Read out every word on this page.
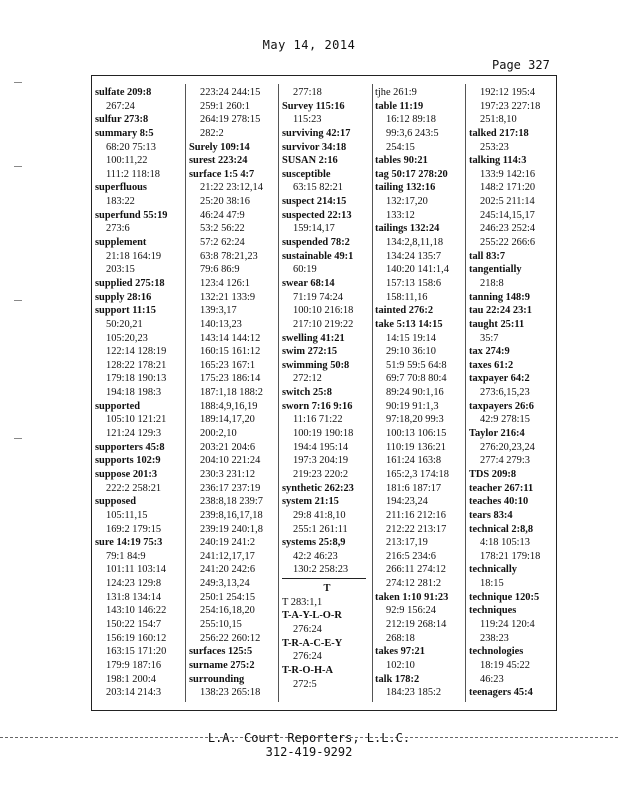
May 14, 2014
Page 327
sulfate 209:8
267:24
sulfur 273:8
summary 8:5
68:20 75:13
100:11,22
111:2 118:18
superfluous
183:22
superfund 55:19
273:6
supplement
21:18 164:19
203:15
supplied 275:18
supply 28:16
support 11:15
50:20,21
105:20,23
122:14 128:19
128:22 178:21
179:18 190:13
194:18 198:3
supported
105:10 121:21
121:24 129:3
supporters 45:8
supports 102:9
suppose 201:3
222:2 258:21
supposed
105:11,15
169:2 179:15
sure 14:19 75:3
79:1 84:9
101:11 103:14
124:23 129:8
131:8 134:14
143:10 146:22
150:22 154:7
156:19 160:12
163:15 171:20
179:9 187:16
198:1 200:4
203:14 214:3
223:24 244:15
259:1 260:1
264:19 278:15
282:2
Surely 109:14
surest 223:24
surface 1:5 4:7
21:22 23:12,14
25:20 38:16
46:24 47:9
53:2 56:22
57:2 62:24
63:8 78:21,23
79:6 86:9
123:4 126:1
132:21 133:9
139:3,17
140:13,23
143:14 144:12
160:15 161:12
165:23 167:1
175:23 186:14
187:1,18 188:2
188:4,9,16,19
189:14,17,20
200:2,10
203:21 204:6
204:10 221:24
230:3 231:12
236:17 237:19
238:8,18 239:7
239:8,16,17,18
239:19 240:1,8
240:19 241:2
241:12,17,17
241:20 242:6
249:3,13,24
250:1 254:15
254:16,18,20
255:10,15
256:22 260:12
surfaces 125:5
surname 275:2
surrounding
138:23 265:18
277:18
Survey 115:16
115:23
surviving 42:17
survivor 34:18
SUSAN 2:16
susceptible
63:15 82:21
suspect 214:15
suspected 22:13
159:14,17
suspended 78:2
sustainable 49:1
60:19
swear 68:14
71:19 74:24
100:10 216:18
217:10 219:22
swelling 41:21
swim 272:15
swimming 50:8
272:12
switch 25:8
sworn 7:16 9:16
11:16 71:22
100:19 190:18
194:4 195:14
197:3 204:19
219:23 220:2
synthetic 262:23
system 21:15
29:8 41:8,10
255:1 261:11
systems 25:8,9
42:2 46:23
130:2 258:23
T
T 283:1,1
T-A-Y-L-O-R
276:24
T-R-A-C-E-Y
276:24
T-R-O-H-A
272:5
tjhe 261:9
table 11:19
16:12 89:18
99:3,6 243:5
254:15
tables 90:21
tag 50:17 278:20
tailing 132:16
132:17,20
133:12
tailings 132:24
134:2,8,11,18
134:24 135:7
140:20 141:1,4
157:13 158:6
158:11,16
tainted 276:2
take 5:13 14:15
14:15 19:14
29:10 36:10
51:9 59:5 64:8
69:7 70:8 80:4
89:24 90:1,16
90:19 91:1,3
97:18,20 99:3
100:13 106:15
110:19 136:21
161:24 163:8
165:2,3 174:18
181:6 187:17
194:23,24
211:16 212:16
212:22 213:17
213:17,19
216:5 234:6
266:11 274:12
274:12 281:2
taken 1:10 91:23
92:9 156:24
212:19 268:14
268:18
takes 97:21
102:10
talk 178:2
184:23 185:2
192:12 195:4
197:23 227:18
251:8,10
talked 217:18
253:23
talking 114:3
133:9 142:16
148:2 171:20
202:5 211:14
245:14,15,17
246:23 252:4
255:22 266:6
tall 83:7
tangentially
218:8
tanning 148:9
tau 22:24 23:1
taught 25:11
35:7
tax 274:9
taxes 61:2
taxpayer 64:2
273:6,15,23
taxpayers 26:6
42:9 278:15
Taylor 216:4
276:20,23,24
277:4 279:3
TDS 209:8
teacher 267:11
teaches 40:10
tears 83:4
technical 2:8,8
4:18 105:13
178:21 179:18
technically
18:15
technique 120:5
techniques
119:24 120:4
238:23
technologies
18:19 45:22
46:23
teenagers 45:4
L.A. Court Reporters, L.L.C.
312-419-9292
